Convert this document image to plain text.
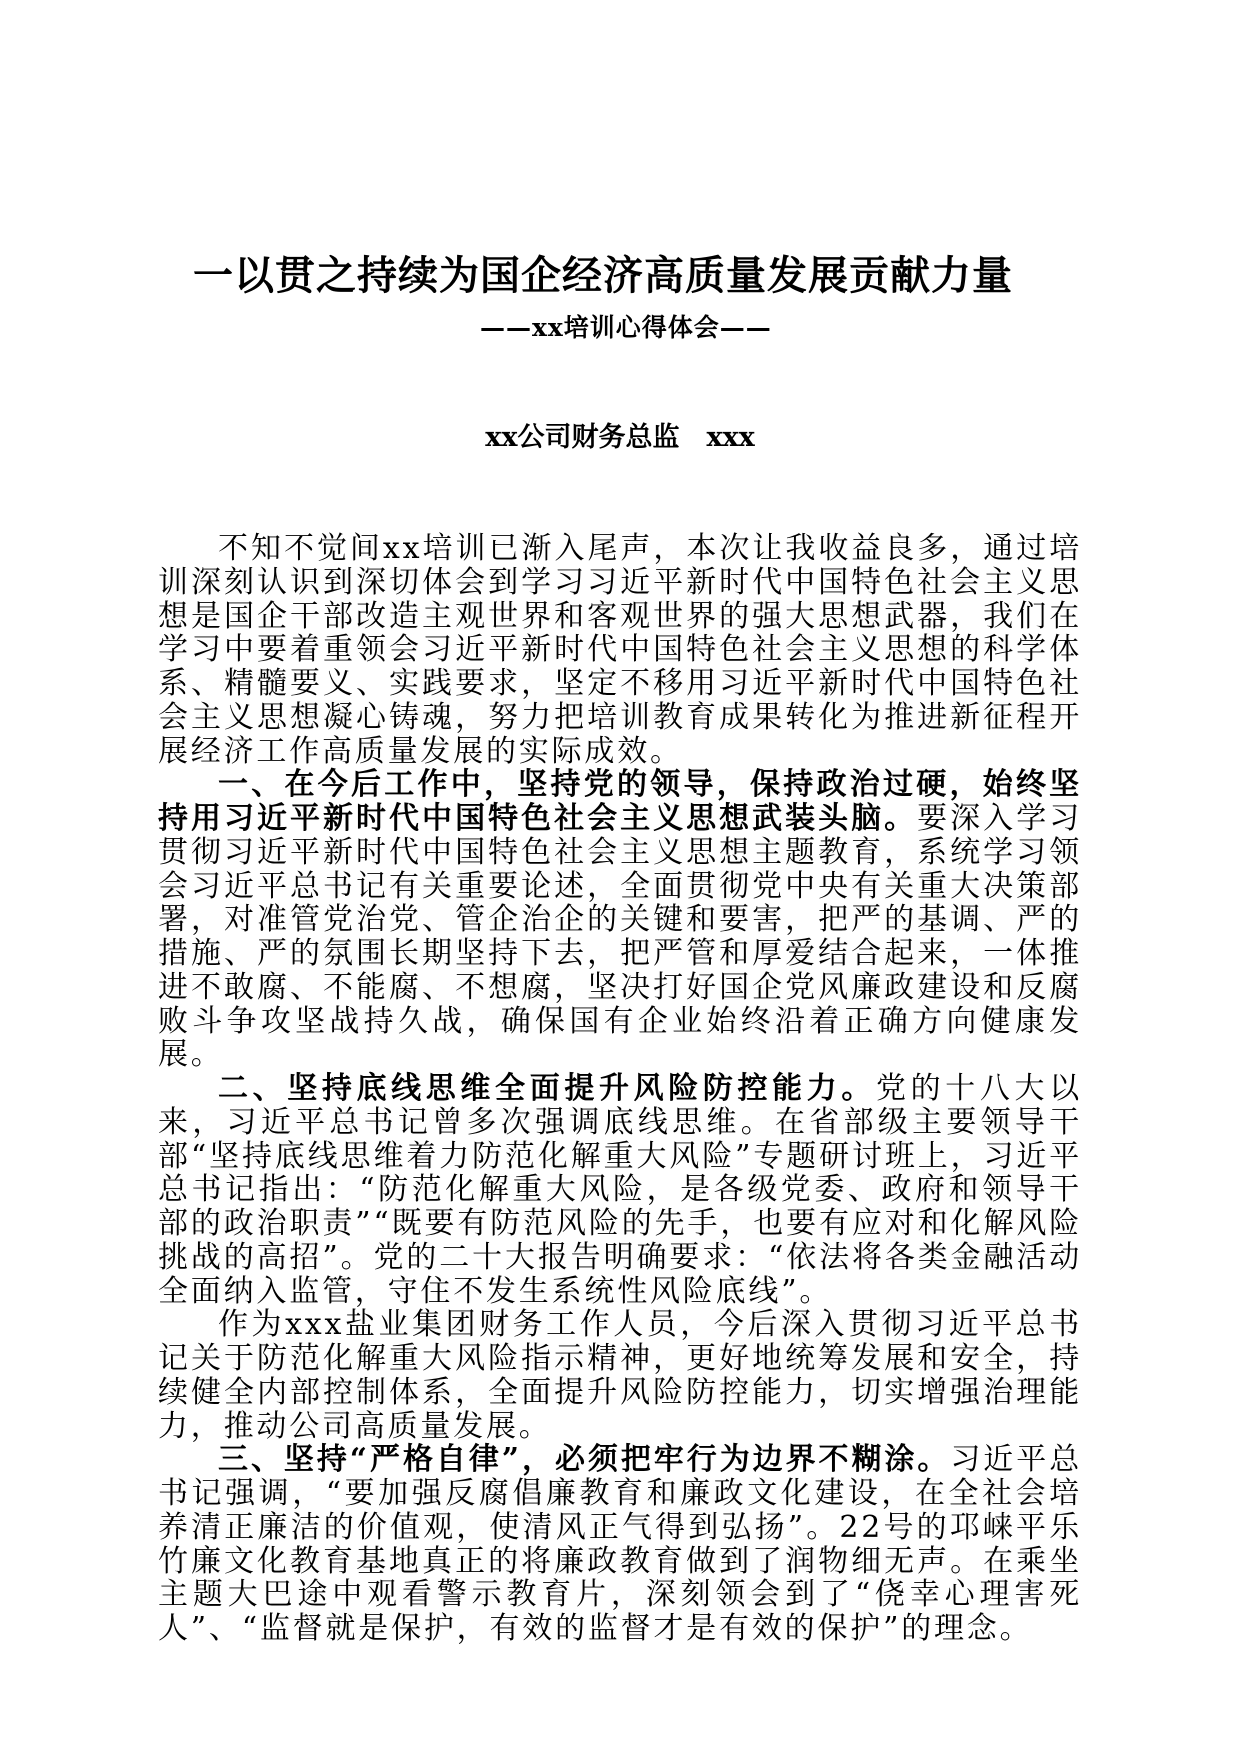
一以贯之持续为国企经济高质量发展贡献力量
——xx培训心得体会——
xx公司财务总监　xxx

不知不觉间xx培训已渐入尾声，本次让我收益良多，通过培训深刻认识到深切体会到学习习近平新时代中国特色社会主义思想是国企干部改造主观世界和客观世界的强大思想武器，我们在学习中要着重领会习近平新时代中国特色社会主义思想的科学体系、精髓要义、实践要求，坚定不移用习近平新时代中国特色社会主义思想凝心铸魂，努力把培训教育成果转化为推进新征程开展经济工作高质量发展的实际成效。

一、在今后工作中，坚持党的领导，保持政治过硬，始终坚持用习近平新时代中国特色社会主义思想武装头脑。要深入学习贯彻习近平新时代中国特色社会主义思想主题教育，系统学习领会习近平总书记有关重要论述，全面贯彻党中央有关重大决策部署，对准管党治党、管企治企的关键和要害，把严的基调、严的措施、严的氛围长期坚持下去，把严管和厚爱结合起来，一体推进不敢腐、不能腐、不想腐，坚决打好国企党风廉政建设和反腐败斗争攻坚战持久战，确保国有企业始终沿着正确方向健康发展。

二、坚持底线思维全面提升风险防控能力。党的十八大以来，习近平总书记曾多次强调底线思维。在省部级主要领导干部“坚持底线思维着力防范化解重大风险”专题研讨班上，习近平总书记指出：“防范化解重大风险，是各级党委、政府和领导干部的政治职责”“既要有防范风险的先手，也要有应对和化解风险挑战的高招”。党的二十大报告明确要求：“依法将各类金融活动全面纳入监管，守住不发生系统性风险底线”。

作为xxx盐业集团财务工作人员，今后深入贯彻习近平总书记关于防范化解重大风险指示精神，更好地统筹发展和安全，持续健全内部控制体系，全面提升风险防控能力，切实增强治理能力，推动公司高质量发展。

三、坚持“严格自律”，必须把牢行为边界不糊涂。习近平总书记强调，“要加强反腐倡廉教育和廉政文化建设，在全社会培养清正廉洁的价值观，使清风正气得到弘扬”。22号的邛崃平乐竹廉文化教育基地真正的将廉政教育做到了润物细无声。在乘坐主题大巴途中观看警示教育片，深刻领会到了“侥幸心理害死人”、“监督就是保护，有效的监督才是有效的保护”的理念。
